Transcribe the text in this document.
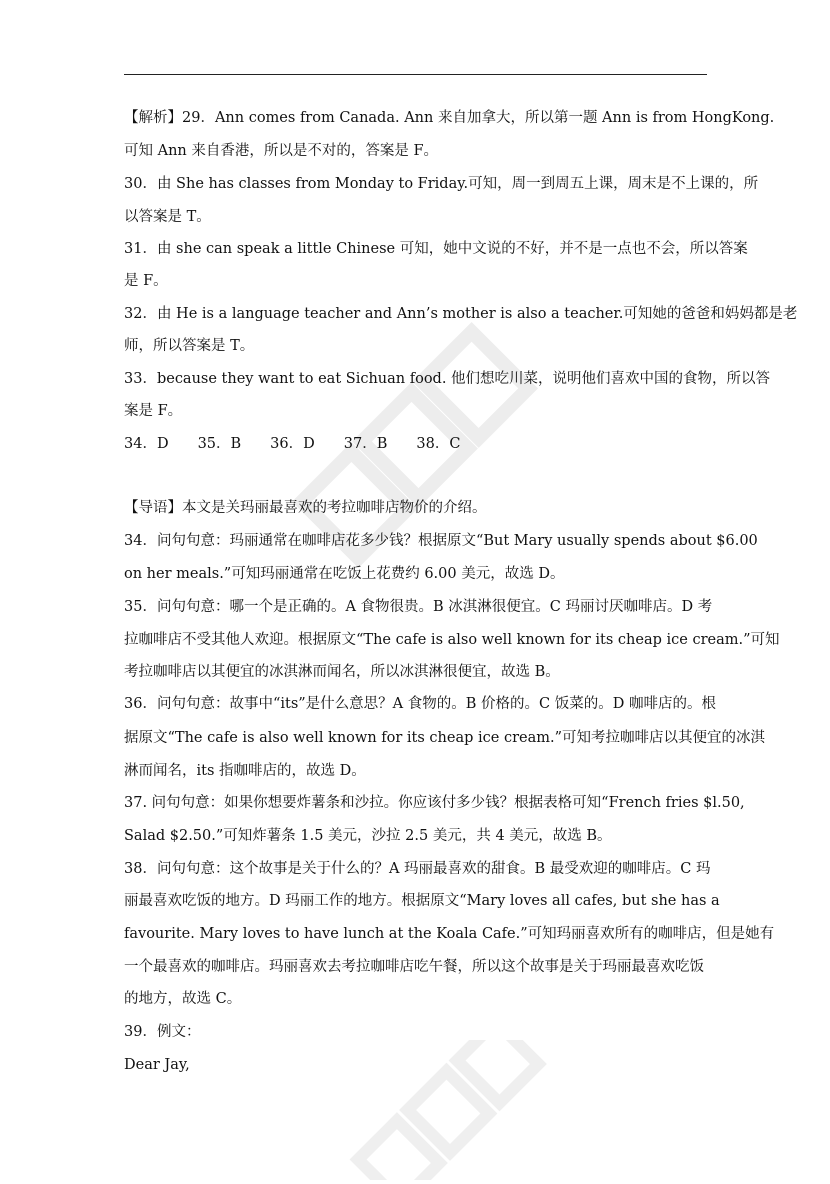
【解析】29．Ann comes from Canada. Ann 来自加拿大，所以第一题 Ann is from HongKong.
可知 Ann 来自香港，所以是不对的，答案是 F。
30．由 She has classes from Monday to Friday.可知，周一到周五上课，周末是不上课的，所
以答案是 T。
31．由 she can speak a little Chinese 可知，她中文说的不好，并不是一点也不会，所以答案
是 F。
32．由 He is a language teacher and Ann’s mother is also a teacher.可知她的爸爸和妈妈都是老
师，所以答案是 T。
33．because they want to eat Sichuan food. 他们想吃川菜，说明他们喜欢中国的食物，所以答
案是 F。
34．D　　35．B　　36．D　　37．B　　38．C
【导语】本文是关玛丽最喜欢的考拉咖啡店物价的介绍。
34．问句句意：玛丽通常在咖啡店花多少钱？根据原文“But Mary usually spends about $6.00
on her meals.”可知玛丽通常在吃饭上花费约 6.00 美元，故选 D。
35．问句句意：哪一个是正确的。A 食物很贵。B 冰淇淋很便宜。C 玛丽讨厌咖啡店。D 考
拉咖啡店不受其他人欢迎。根据原文“The cafe is also well known for its cheap ice cream.”可知
考拉咖啡店以其便宜的冰淇淋而闻名，所以冰淇淋很便宜，故选 B。
36．问句句意：故事中“its”是什么意思？A 食物的。B 价格的。C 饭菜的。D 咖啡店的。根
据原文“The cafe is also well known for its cheap ice cream.”可知考拉咖啡店以其便宜的冰淇
淋而闻名，its 指咖啡店的，故选 D。
37. 问句句意：如果你想要炸薯条和沙拉。你应该付多少钱？根据表格可知“French fries $l.50,
Salad $2.50.”可知炸薯条 1.5 美元，沙拉 2.5 美元，共 4 美元，故选 B。
38．问句句意：这个故事是关于什么的？A 玛丽最喜欢的甜食。B 最受欢迎的咖啡店。C 玛
丽最喜欢吃饭的地方。D 玛丽工作的地方。根据原文“Mary loves all cafes, but she has a
favourite. Mary loves to have lunch at the Koala Cafe.”可知玛丽喜欢所有的咖啡店，但是她有
一个最喜欢的咖啡店。玛丽喜欢去考拉咖啡店吃午餐，所以这个故事是关于玛丽最喜欢吃饭
的地方，故选 C。
39．例文：
Dear Jay,
